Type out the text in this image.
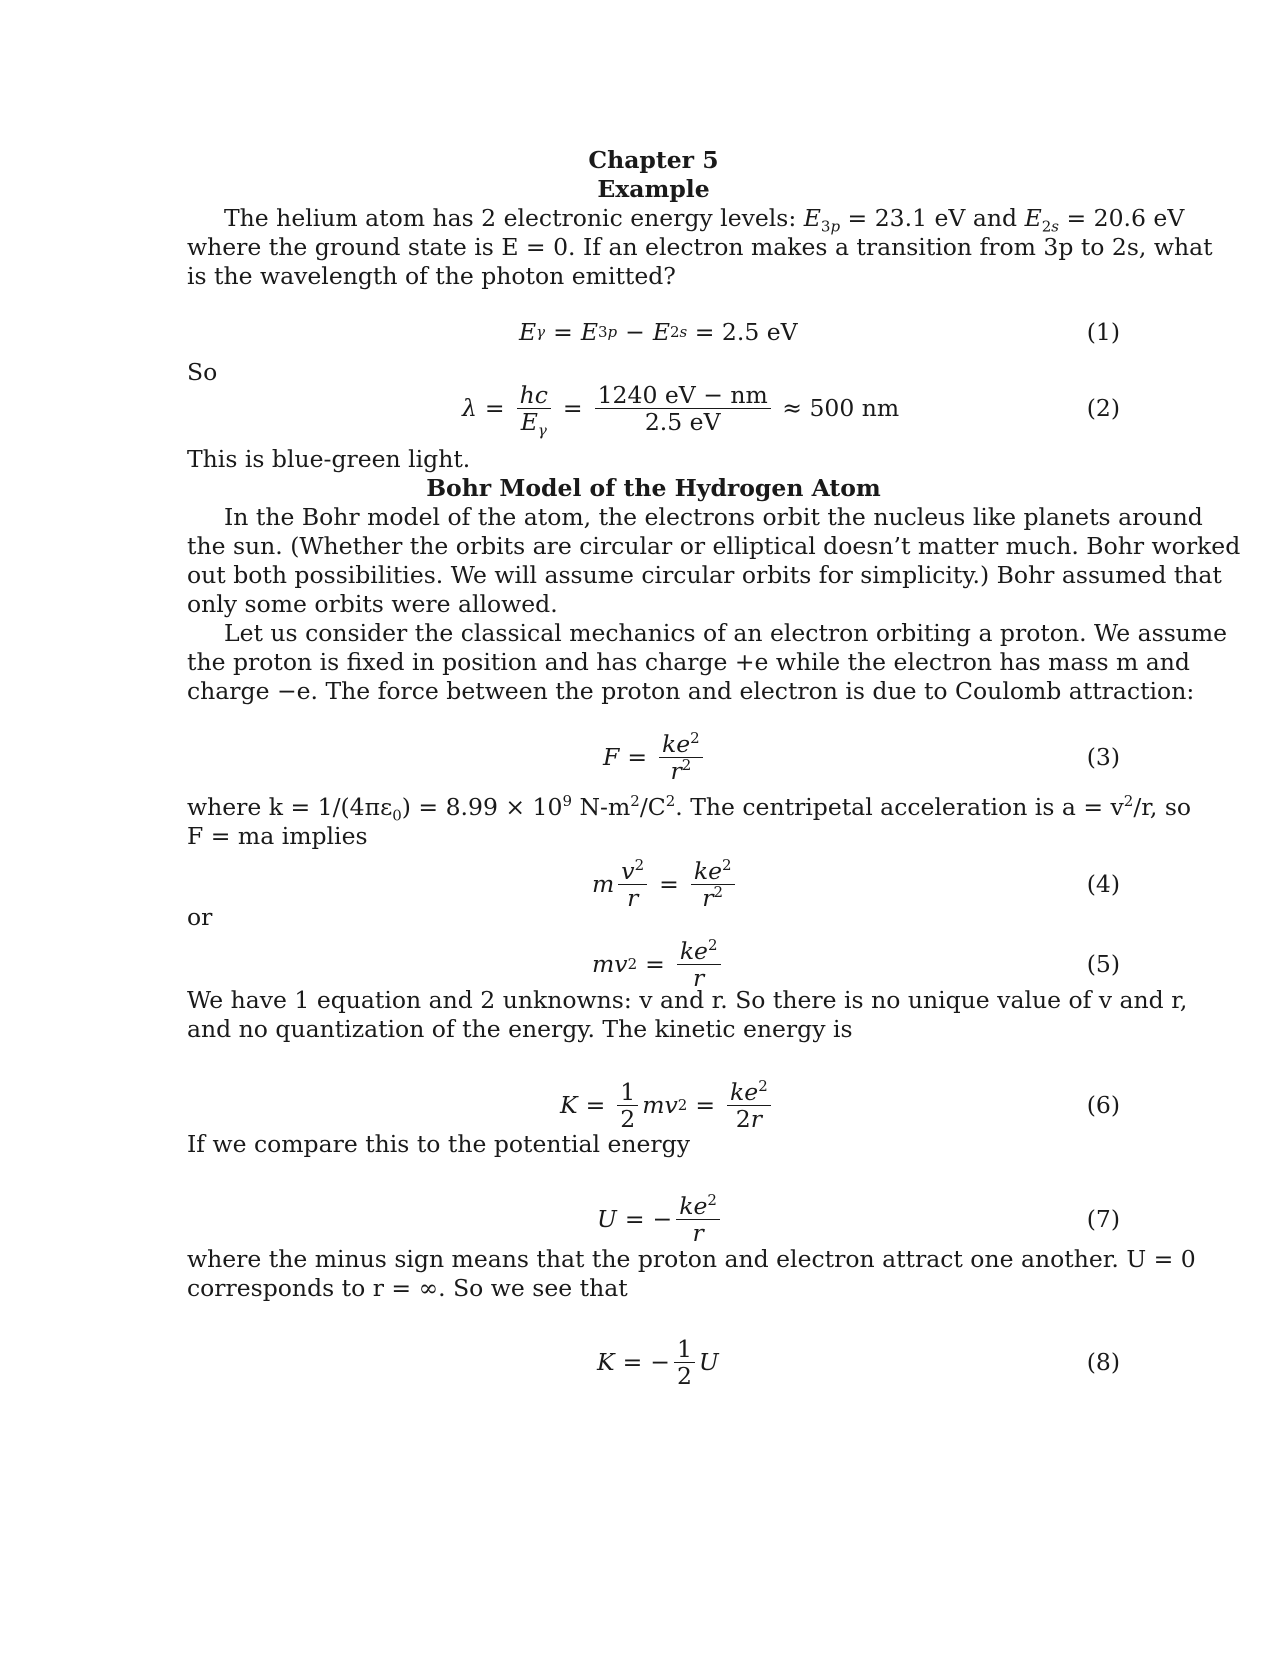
Chapter 5
Example
The helium atom has 2 electronic energy levels: $E_{3p} = 23.1$ eV and $E_{2s} = 20.6$ eV
where the ground state is E = 0. If an electron makes a transition from 3p to 2s, what
is the wavelength of the photon emitted?
E γ = E 3p − E 2s
= 2.5 eV	(1)
So
$\lambda = \frac{hc}{E_\gamma} = \frac{1240 eV - nm}{2.5 eV}$
≈ 500 nm	(2)
This is blue-green light.
Bohr Model of the Hydrogen Atom
In the Bohr model of the atom, the electrons orbit the nucleus like planets around
the sun. (Whether the orbits are circular or elliptical doesn’t matter much. Bohr worked
out both possibilities. We will assume circular orbits for simplicity.) Bohr assumed that
only some orbits were allowed.
Let us consider the classical mechanics of an electron orbiting a proton. We assume
the proton is fixed in position and has charge +e while the electron has mass m and
charge −e. The force between the proton and electron is due to Coulomb attraction:
$F = \frac{ke^2}{r^2}$	(3)
where $k = 1/(4\pi\varepsilon_0) = 8.99 \times 10^9$ $N-m^2/C^2$. The centripetal acceleration is $a = v^2/r$, so
F = ma implies
m $\frac{v^2}{r} = \frac{ke^2}{r^2}$	(4)
or
mv $2 = \frac{ke^2}{r}$	(5)
We have 1 equation and 2 unknowns: v and r. So there is no unique value of v and r,
and no quantization of the energy. The kinetic energy is
$K = \frac{1}{2}$ mv $2 = \frac{ke^2}{2r}$	(6)
If we compare this to the potential energy
U = − $\frac{ke^2}{r}$	(7)
where the minus sign means that the proton and electron attract one another. U = 0
corresponds to r = ∞. So we see that
K = − $\frac{1}{2}$ U	(8)
